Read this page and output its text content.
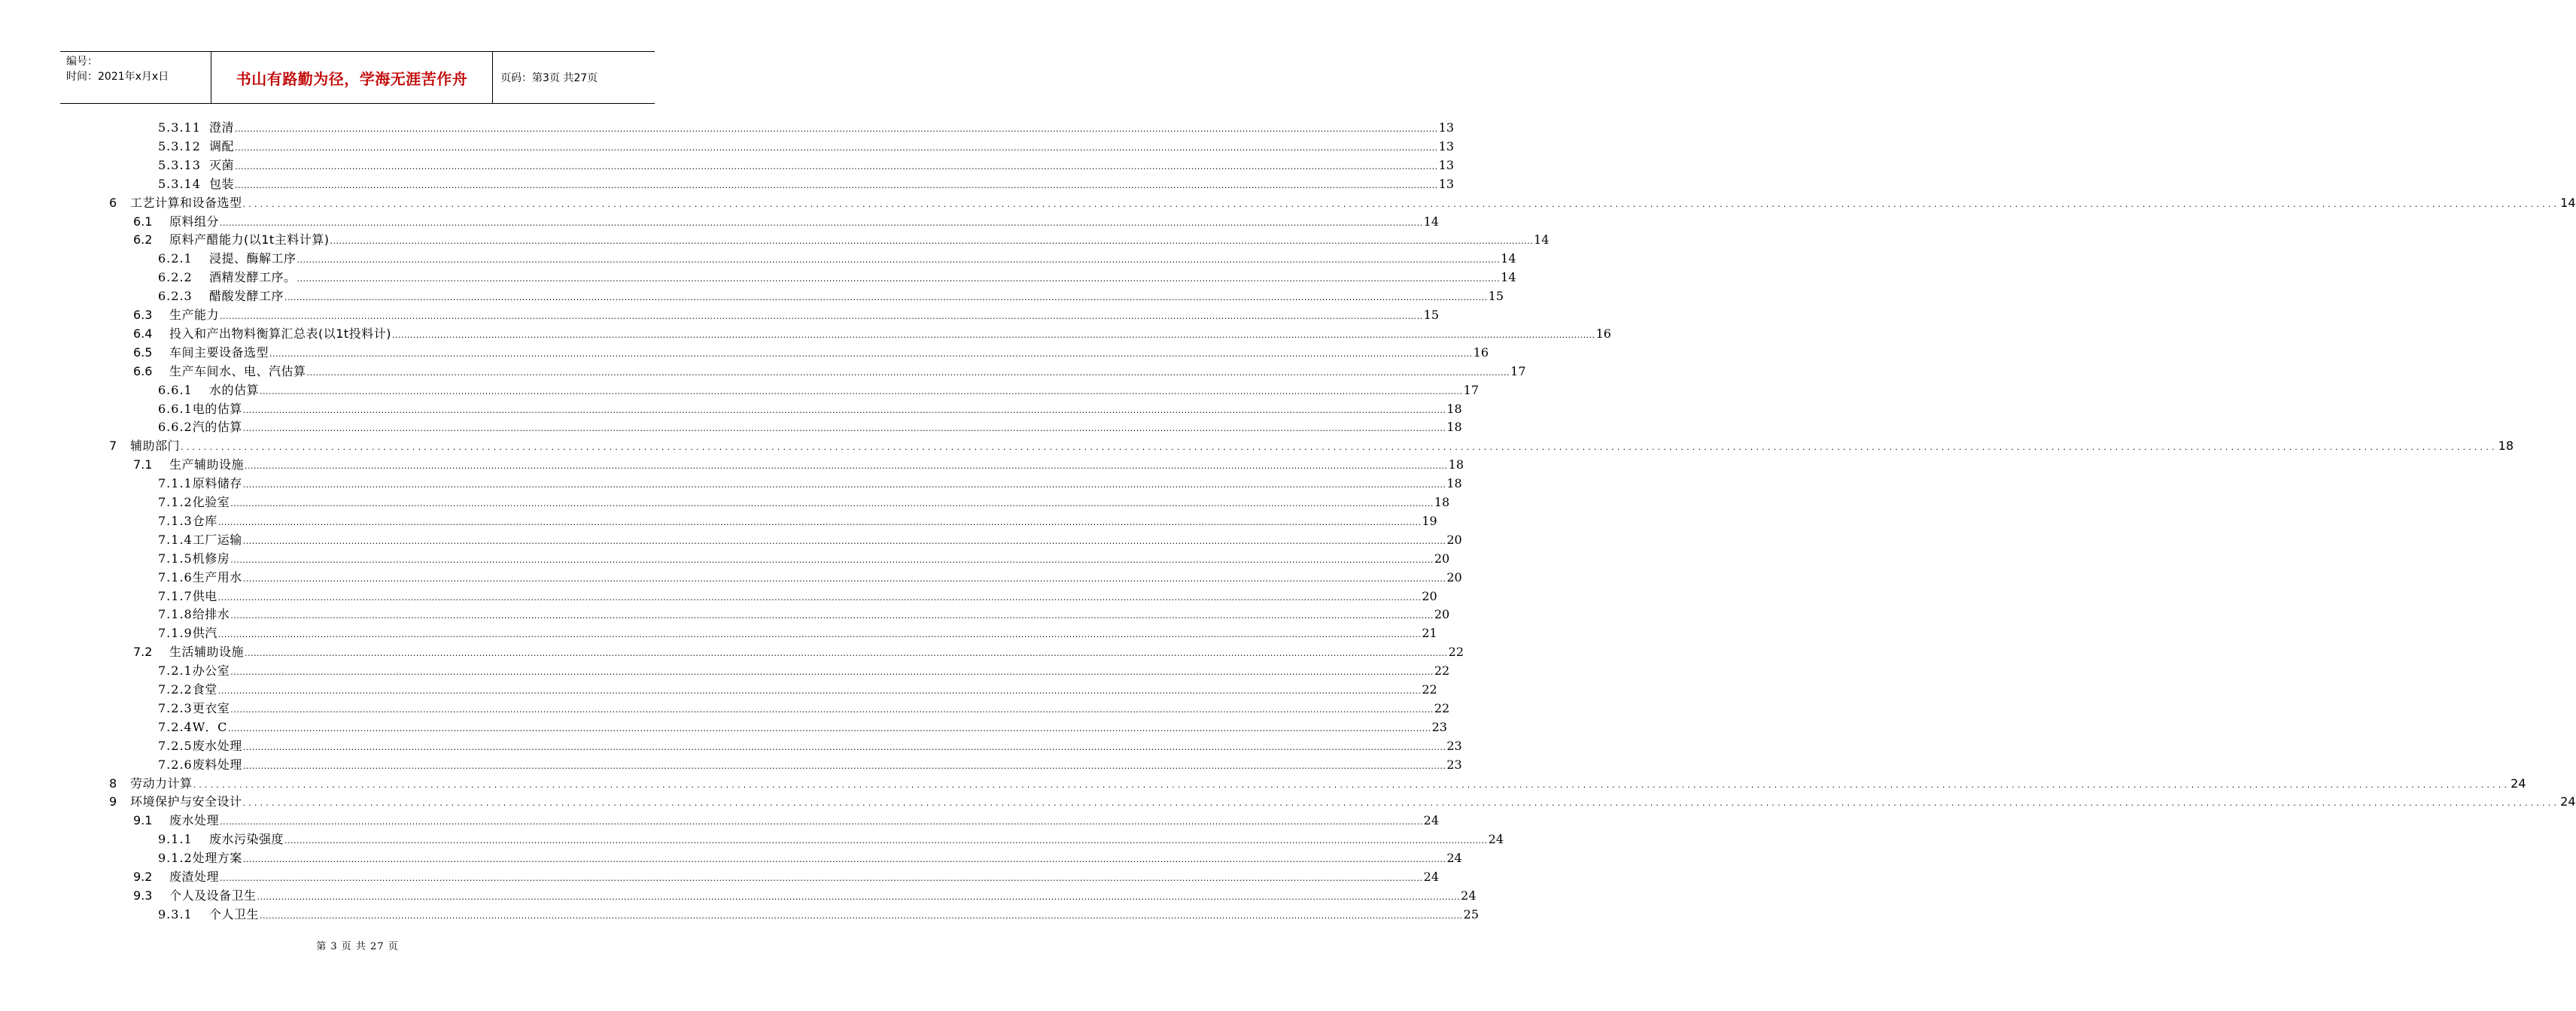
编号：
时间：2021年x月x日	书山有路勤为径，学海无涯苦作舟	页码：第3页 共27页
5.3.11 澄清 ................................................................................................................................................................................................................................................................................................................................................................................................................ 13
5.3.12 调配 ................................................................................................................................................................................................................................................................................................................................................................................................................ 13
5.3.13 灭菌 ................................................................................................................................................................................................................................................................................................................................................................................................................ 13
5.3.14 包装 ................................................................................................................................................................................................................................................................................................................................................................................................................ 13
6	工艺计算和设备选型 ................................................................................................................................................................................................................................................................................................................................................................................................................ 14
6.1	原料组分 ................................................................................................................................................................................................................................................................................................................................................................................................................ 14
6.2	原料产醋能力(以1t主料计算) ................................................................................................................................................................................................................................................................................................................................................................................................................ 14
6.2.1	浸提、酶解工序 ................................................................................................................................................................................................................................................................................................................................................................................................................ 14
6.2.2	酒精发酵工序。 ................................................................................................................................................................................................................................................................................................................................................................................................................ 14
6.2.3	醋酸发酵工序 ................................................................................................................................................................................................................................................................................................................................................................................................................ 15
6.3	生产能力 ................................................................................................................................................................................................................................................................................................................................................................................................................ 15
6.4	投入和产出物料衡算汇总表(以1t投料计) ................................................................................................................................................................................................................................................................................................................................................................................................................ 16
6.5	车间主要设备选型 ................................................................................................................................................................................................................................................................................................................................................................................................................ 16
6.6	生产车间水、电、汽估算 ................................................................................................................................................................................................................................................................................................................................................................................................................ 17
6.6.1	水的估算 ................................................................................................................................................................................................................................................................................................................................................................................................................ 17
6.6.1 电的估算 ................................................................................................................................................................................................................................................................................................................................................................................................................ 18
6.6.2 汽的估算 ................................................................................................................................................................................................................................................................................................................................................................................................................ 18
7	辅助部门 ................................................................................................................................................................................................................................................................................................................................................................................................................ 18
7.1	生产辅助设施 ................................................................................................................................................................................................................................................................................................................................................................................................................ 18
7.1.1 原料储存 ................................................................................................................................................................................................................................................................................................................................................................................................................ 18
7.1.2 化验室 ................................................................................................................................................................................................................................................................................................................................................................................................................ 18
7.1.3 仓库 ................................................................................................................................................................................................................................................................................................................................................................................................................ 19
7.1.4 工厂运输 ................................................................................................................................................................................................................................................................................................................................................................................................................ 20
7.1.5 机修房 ................................................................................................................................................................................................................................................................................................................................................................................................................ 20
7.1.6 生产用水 ................................................................................................................................................................................................................................................................................................................................................................................................................ 20
7.1.7 供电 ................................................................................................................................................................................................................................................................................................................................................................................................................ 20
7.1.8 给排水 ................................................................................................................................................................................................................................................................................................................................................................................................................ 20
7.1.9 供汽 ................................................................................................................................................................................................................................................................................................................................................................................................................ 21
7.2	生活辅助设施 ................................................................................................................................................................................................................................................................................................................................................................................................................ 22
7.2.1 办公室 ................................................................................................................................................................................................................................................................................................................................................................................................................ 22
7.2.2 食堂 ................................................................................................................................................................................................................................................................................................................................................................................................................ 22
7.2.3 更衣室 ................................................................................................................................................................................................................................................................................................................................................................................................................ 22
7.2.4 W．C ................................................................................................................................................................................................................................................................................................................................................................................................................ 23
7.2.5 废水处理 ................................................................................................................................................................................................................................................................................................................................................................................................................ 23
7.2.6 废料处理 ................................................................................................................................................................................................................................................................................................................................................................................................................ 23
8	劳动力计算 ................................................................................................................................................................................................................................................................................................................................................................................................................ 24
9	环境保护与安全设计 ................................................................................................................................................................................................................................................................................................................................................................................................................ 24
9.1	废水处理 ................................................................................................................................................................................................................................................................................................................................................................................................................ 24
9.1.1	废水污染强度 ................................................................................................................................................................................................................................................................................................................................................................................................................ 24
9.1.2 处理方案 ................................................................................................................................................................................................................................................................................................................................................................................................................ 24
9.2	废渣处理 ................................................................................................................................................................................................................................................................................................................................................................................................................ 24
9.3	个人及设备卫生 ................................................................................................................................................................................................................................................................................................................................................................................................................ 24
9.3.1	个人卫生 ................................................................................................................................................................................................................................................................................................................................................................................................................ 25
第 3 页 共 27 页
